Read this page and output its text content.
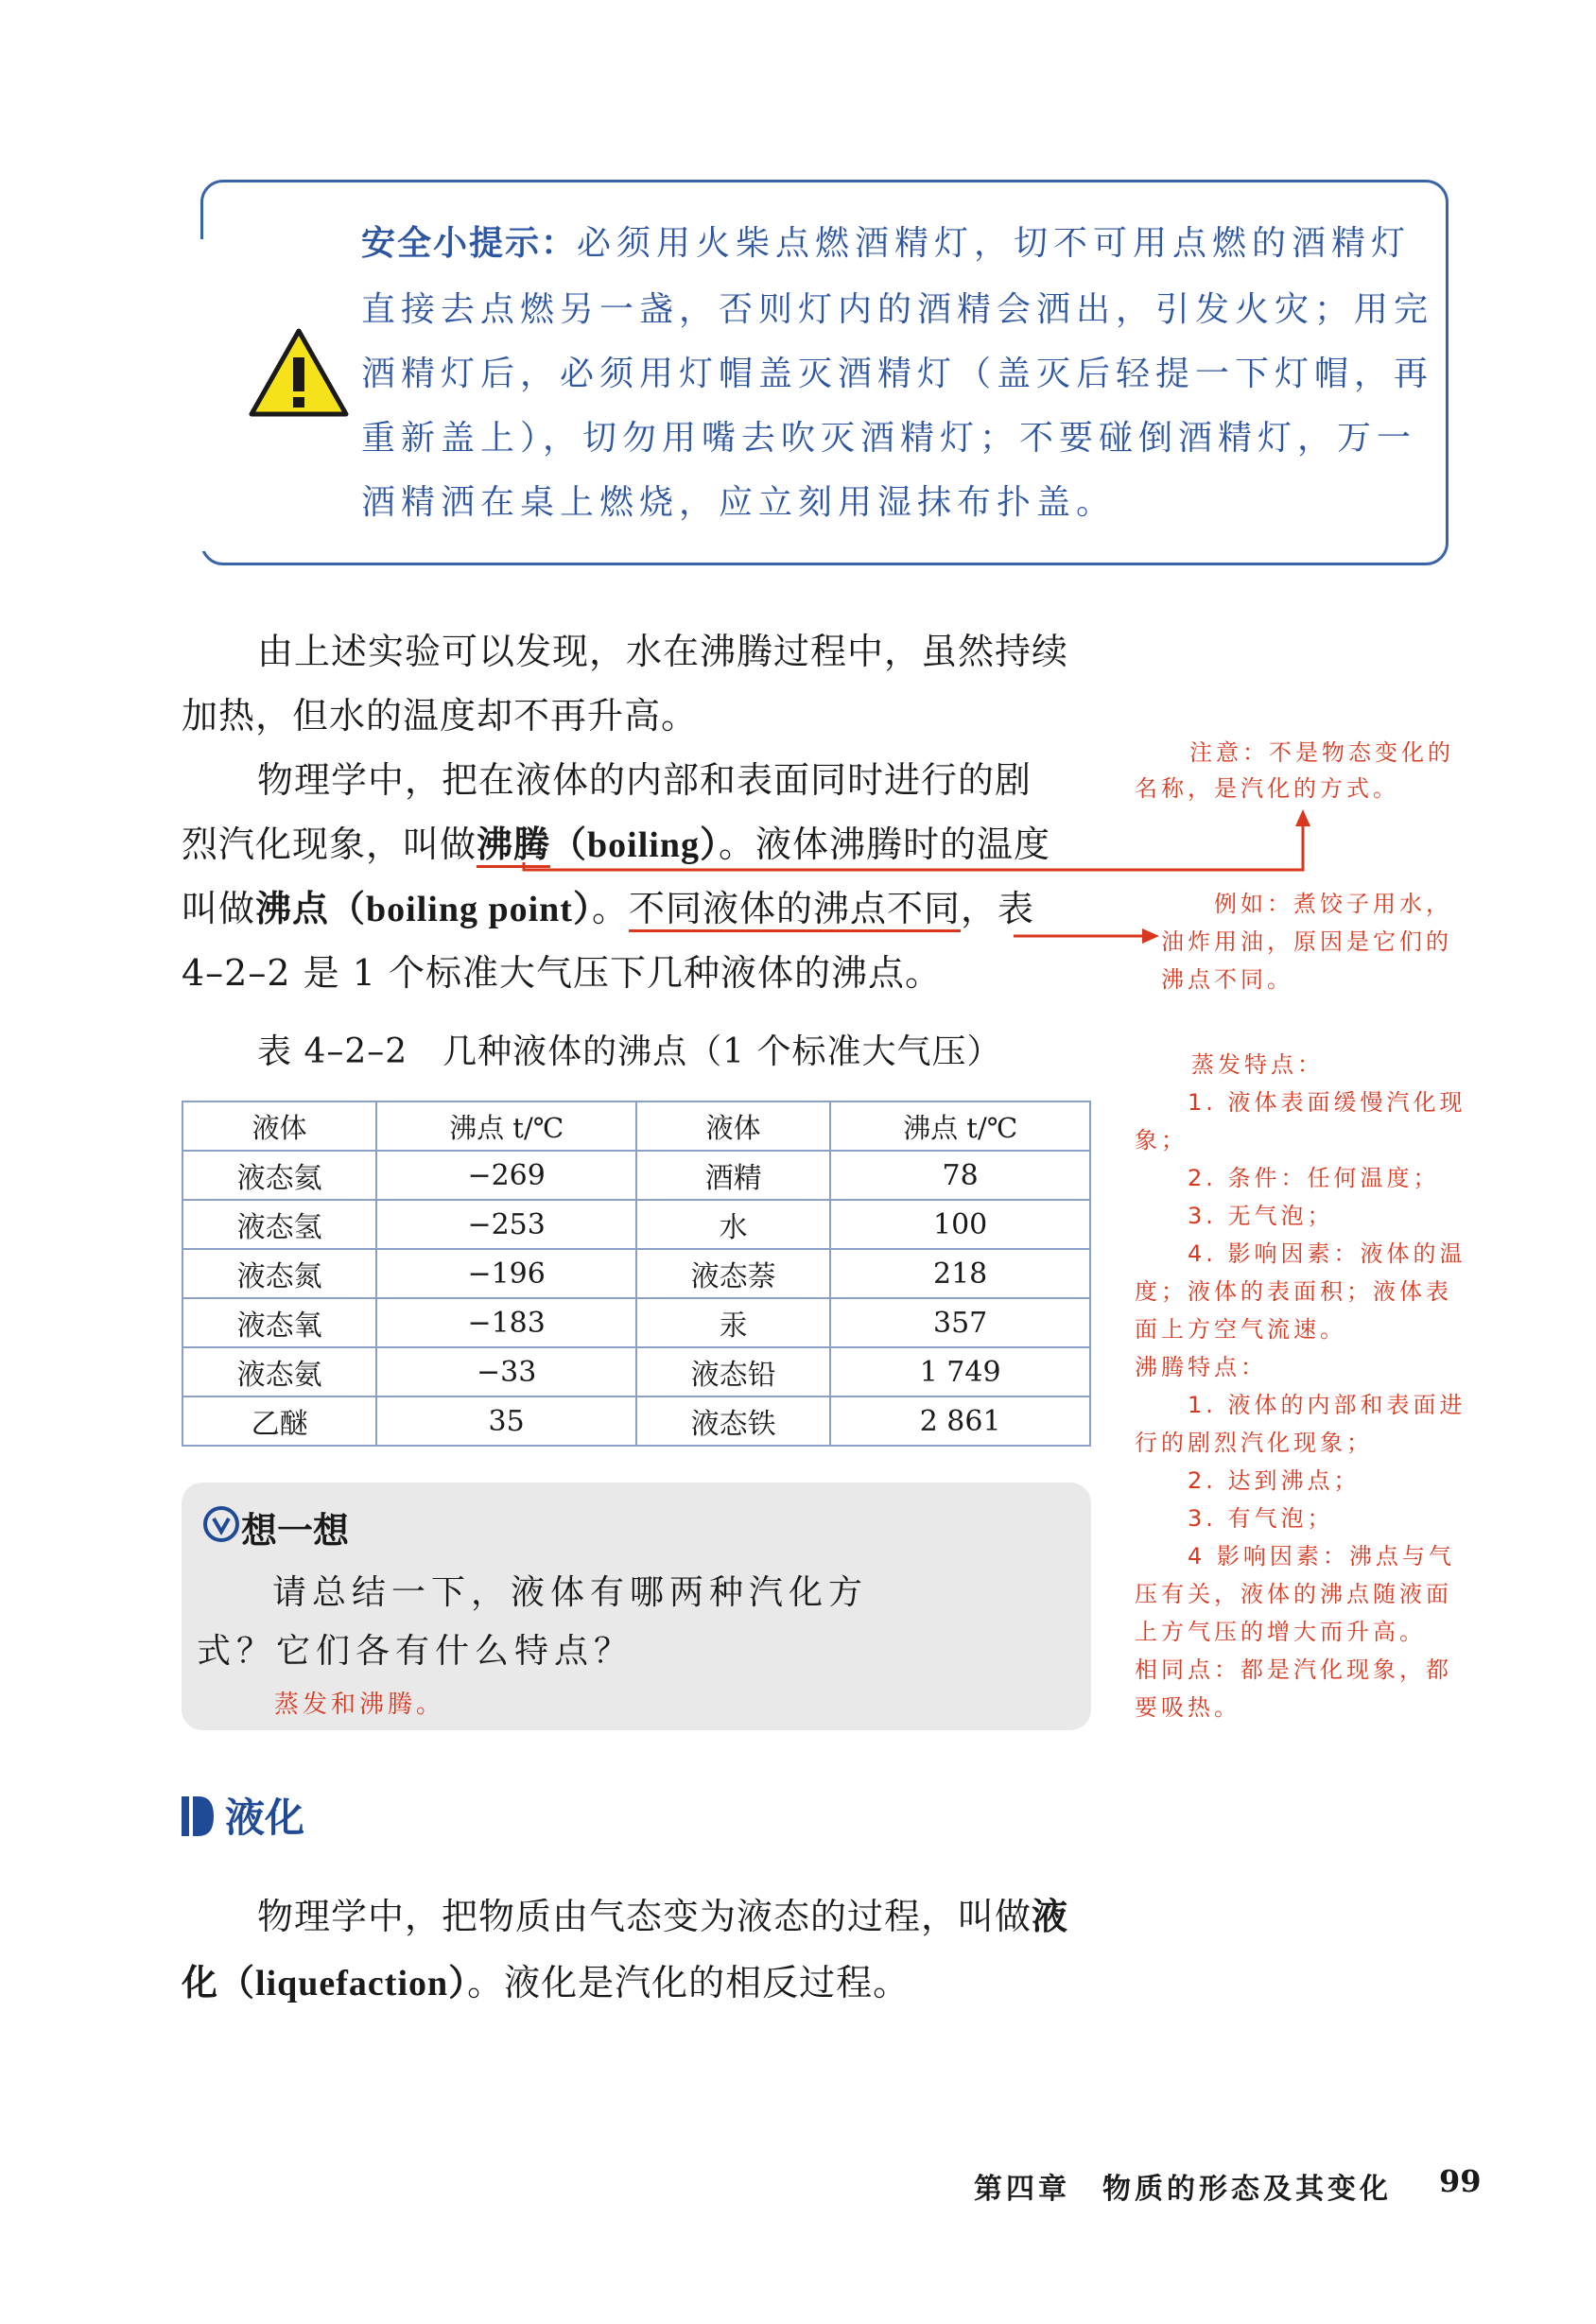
安全小提示：必须用火柴点燃酒精灯，切不可用点燃的酒精灯
直接去点燃另一盏，否则灯内的酒精会洒出，引发火灾；用完
酒精灯后，必须用灯帽盖灭酒精灯（盖灭后轻提一下灯帽，再
重新盖上），切勿用嘴去吹灭酒精灯；不要碰倒酒精灯，万一
酒精洒在桌上燃烧，应立刻用湿抹布扑盖。
由上述实验可以发现，水在沸腾过程中，虽然持续
加热，但水的温度却不再升高。
物理学中，把在液体的内部和表面同时进行的剧
烈汽化现象，叫做沸腾（boiling）。液体沸腾时的温度
叫做沸点（boiling point）。不同液体的沸点不同，表
4–2–2 是 1 个标准大气压下几种液体的沸点。
注意：不是物态变化的
名称，是汽化的方式。
例如：煮饺子用水，
油炸用油，原因是它们的
沸点不同。
蒸发特点：
1. 液体表面缓慢汽化现
象；
2. 条件：任何温度；
3. 无气泡；
4. 影响因素：液体的温
度；液体的表面积；液体表
面上方空气流速。
沸腾特点：
1. 液体的内部和表面进
行的剧烈汽化现象；
2. 达到沸点；
3. 有气泡；
4 影响因素：沸点与气
压有关，液体的沸点随液面
上方气压的增大而升高。
相同点：都是汽化现象，都
要吸热。
表 4–2–2　几种液体的沸点（1 个标准大气压）
液体	沸点 t/℃	液体	沸点 t/℃
液态氦	−269	酒精	78
液态氢	−253	水	100
液态氮	−196	液态萘	218
液态氧	−183	汞	357
液态氨	−33	液态铅	1 749
乙醚	35	液态铁	2 861
想一想
请总结一下，液体有哪两种汽化方
式？它们各有什么特点？
蒸发和沸腾。
液化
物理学中，把物质由气态变为液态的过程，叫做液
化（liquefaction）。液化是汽化的相反过程。
第四章　物质的形态及其变化 99
